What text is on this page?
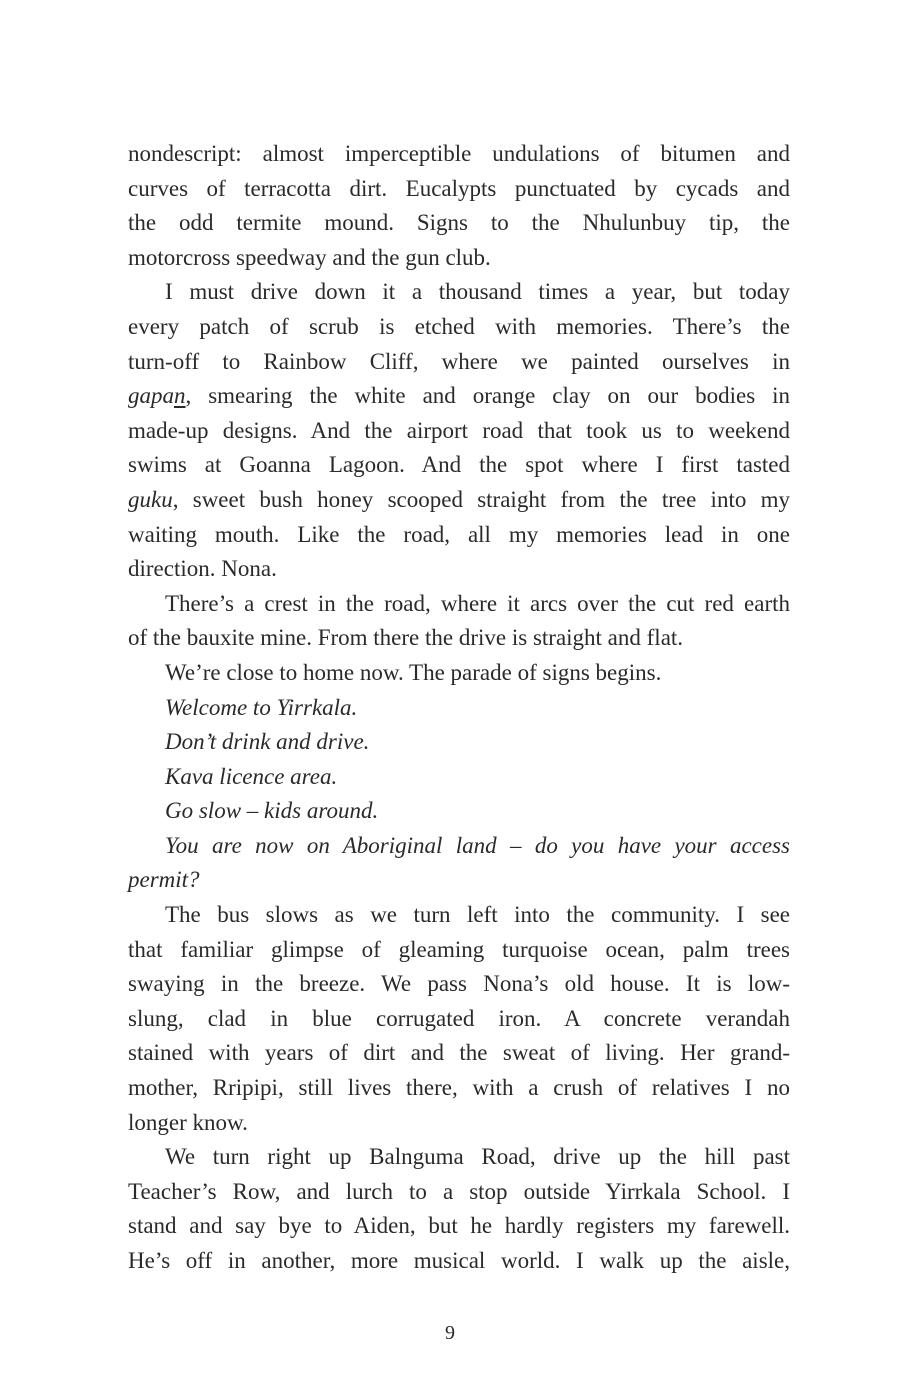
nondescript: almost imperceptible undulations of bitumen and
curves of terracotta dirt. Eucalypts punctuated by cycads and
the odd termite mound. Signs to the Nhulunbuy tip, the
motorcross speedway and the gun club.
I must drive down it a thousand times a year, but today
every patch of scrub is etched with memories. There’s the
turn-off to Rainbow Cliff, where we painted ourselves in
gapan, smearing the white and orange clay on our bodies in
made-up designs. And the airport road that took us to weekend
swims at Goanna Lagoon. And the spot where I first tasted
guku, sweet bush honey scooped straight from the tree into my
waiting mouth. Like the road, all my memories lead in one
direction. Nona.
There’s a crest in the road, where it arcs over the cut red earth
of the bauxite mine. From there the drive is straight and flat.
We’re close to home now. The parade of signs begins.
Welcome to Yirrkala.
Don’t drink and drive.
Kava licence area.
Go slow – kids around.
You are now on Aboriginal land – do you have your access
permit?
The bus slows as we turn left into the community. I see
that familiar glimpse of gleaming turquoise ocean, palm trees
swaying in the breeze. We pass Nona’s old house. It is low-
slung, clad in blue corrugated iron. A concrete verandah
stained with years of dirt and the sweat of living. Her grand-
mother, Rripipi, still lives there, with a crush of relatives I no
longer know.
We turn right up Balnguma Road, drive up the hill past
Teacher’s Row, and lurch to a stop outside Yirrkala School. I
stand and say bye to Aiden, but he hardly registers my farewell.
He’s off in another, more musical world. I walk up the aisle,
9
